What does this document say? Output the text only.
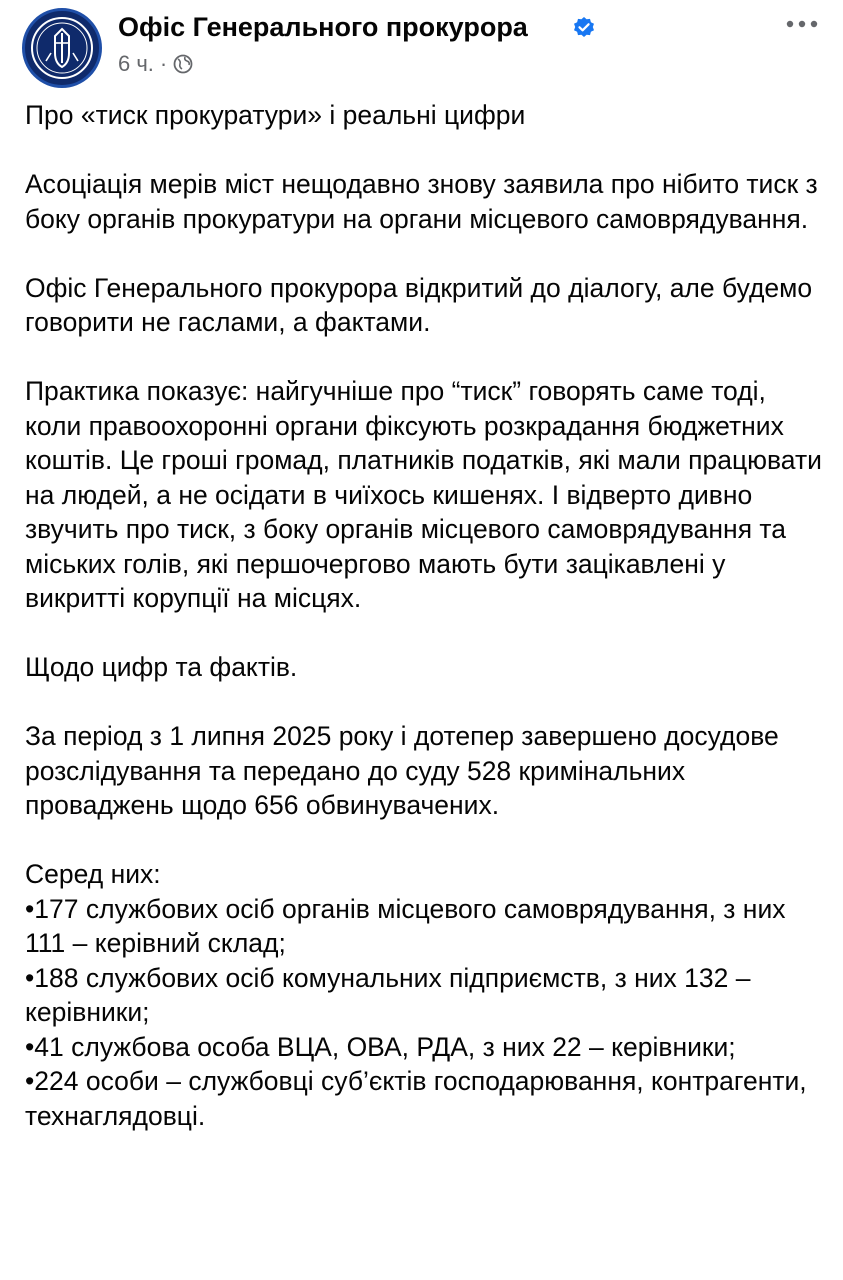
Офіс Генерального прокурора
6 ч. ·

Про «тиск прокуратури» і реальні цифри

Асоціація мерів міст нещодавно знову заявила про нібито тиск з боку органів прокуратури на органи місцевого самоврядування.

Офіс Генерального прокурора відкритий до діалогу, але будемо говорити не гаслами, а фактами.

Практика показує: найгучніше про “тиск” говорять саме тоді, коли правоохоронні органи фіксують розкрадання бюджетних коштів. Це гроші громад, платників податків, які мали працювати на людей, а не осідати в чиїхось кишенях. І відверто дивно звучить про тиск, з боку органів місцевого самоврядування та міських голів, які першочергово мають бути зацікавлені у викритті корупції на місцях.

Щодо цифр та фактів.

За період з 1 липня 2025 року і дотепер завершено досудове розслідування та передано до суду 528 кримінальних проваджень щодо 656 обвинувачених.

Серед них:

•177 службових осіб органів місцевого самоврядування, з них 111 – керівний склад;

•188 службових осіб комунальних підприємств, з них 132 – керівники;

•41 службова особа ВЦА, ОВА, РДА, з них 22 – керівники;

•224 особи – службовці суб’єктів господарювання, контрагенти, технаглядовці.
